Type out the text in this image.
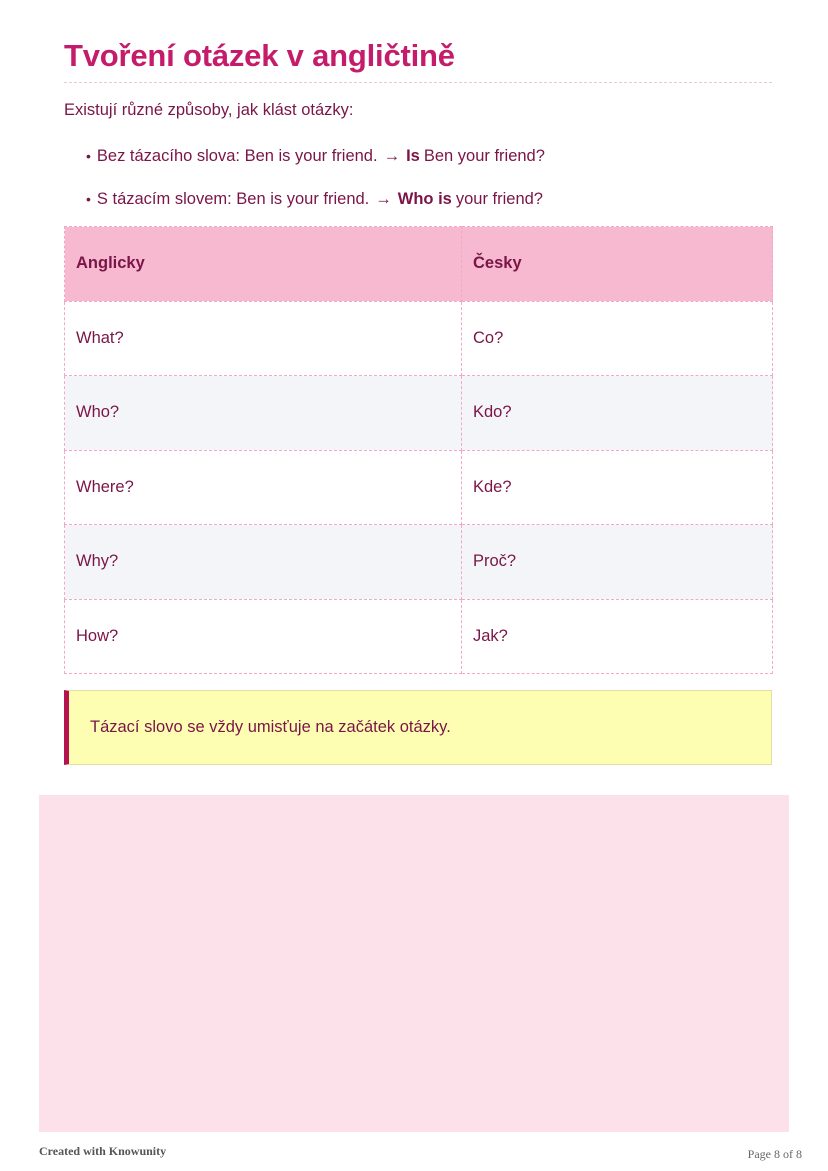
Tvoření otázek v angličtině

Existují různé způsoby, jak klást otázky:

• Bez tázacího slova: Ben is your friend. → Is Ben your friend?
• S tázacím slovem: Ben is your friend. → Who is your friend?
Anglicky	Česky
What?	Co?
Who?	Kdo?
Where?	Kde?
Why?	Proč?
How?	Jak?
Tázací slovo se vždy umisťuje na začátek otázky.
Created with Knowunity	Page 8 of 8
